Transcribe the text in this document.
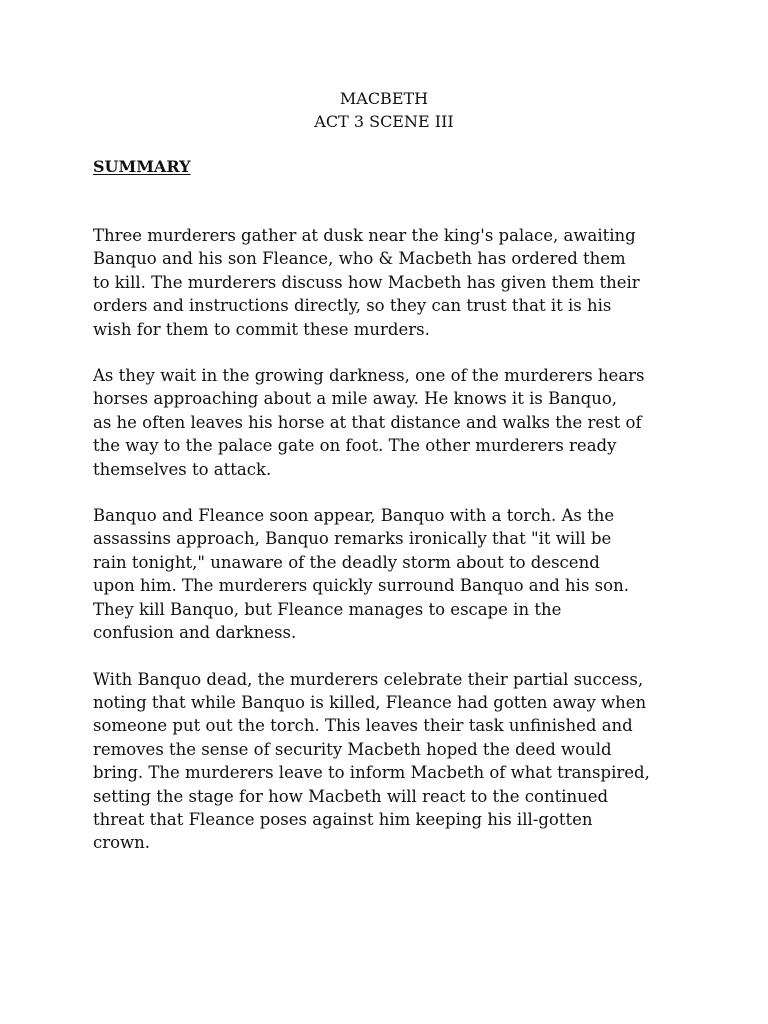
MACBETH
ACT 3 SCENE III
SUMMARY
Three murderers gather at dusk near the king's palace, awaiting
Banquo and his son Fleance, who & Macbeth has ordered them
to kill. The murderers discuss how Macbeth has given them their
orders and instructions directly, so they can trust that it is his
wish for them to commit these murders.
As they wait in the growing darkness, one of the murderers hears
horses approaching about a mile away. He knows it is Banquo,
as he often leaves his horse at that distance and walks the rest of
the way to the palace gate on foot. The other murderers ready
themselves to attack.
Banquo and Fleance soon appear, Banquo with a torch. As the
assassins approach, Banquo remarks ironically that "it will be
rain tonight," unaware of the deadly storm about to descend
upon him. The murderers quickly surround Banquo and his son.
They kill Banquo, but Fleance manages to escape in the
confusion and darkness.
With Banquo dead, the murderers celebrate their partial success,
noting that while Banquo is killed, Fleance had gotten away when
someone put out the torch. This leaves their task unfinished and
removes the sense of security Macbeth hoped the deed would
bring. The murderers leave to inform Macbeth of what transpired,
setting the stage for how Macbeth will react to the continued
threat that Fleance poses against him keeping his ill-gotten
crown.
